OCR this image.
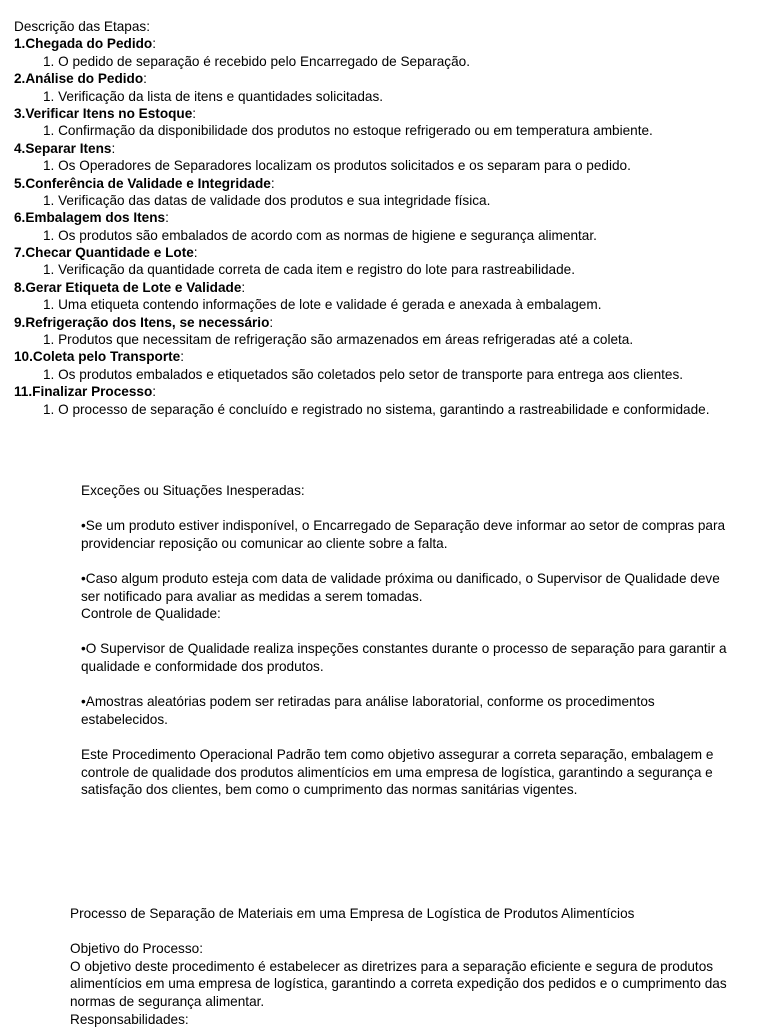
Descrição das Etapas:
1.Chegada do Pedido:
1. O pedido de separação é recebido pelo Encarregado de Separação.
2.Análise do Pedido:
1. Verificação da lista de itens e quantidades solicitadas.
3.Verificar Itens no Estoque:
1. Confirmação da disponibilidade dos produtos no estoque refrigerado ou em temperatura ambiente.
4.Separar Itens:
1. Os Operadores de Separadores localizam os produtos solicitados e os separam para o pedido.
5.Conferência de Validade e Integridade:
1. Verificação das datas de validade dos produtos e sua integridade física.
6.Embalagem dos Itens:
1. Os produtos são embalados de acordo com as normas de higiene e segurança alimentar.
7.Checar Quantidade e Lote:
1. Verificação da quantidade correta de cada item e registro do lote para rastreabilidade.
8.Gerar Etiqueta de Lote e Validade:
1. Uma etiqueta contendo informações de lote e validade é gerada e anexada à embalagem.
9.Refrigeração dos Itens, se necessário:
1. Produtos que necessitam de refrigeração são armazenados em áreas refrigeradas até a coleta.
10.Coleta pelo Transporte:
1. Os produtos embalados e etiquetados são coletados pelo setor de transporte para entrega aos clientes.
11.Finalizar Processo:
1. O processo de separação é concluído e registrado no sistema, garantindo a rastreabilidade e conformidade.

Exceções ou Situações Inesperadas:

•Se um produto estiver indisponível, o Encarregado de Separação deve informar ao setor de compras para providenciar reposição ou comunicar ao cliente sobre a falta.

•Caso algum produto esteja com data de validade próxima ou danificado, o Supervisor de Qualidade deve ser notificado para avaliar as medidas a serem tomadas.

Controle de Qualidade:

•O Supervisor de Qualidade realiza inspeções constantes durante o processo de separação para garantir a qualidade e conformidade dos produtos.

•Amostras aleatórias podem ser retiradas para análise laboratorial, conforme os procedimentos estabelecidos.

Este Procedimento Operacional Padrão tem como objetivo assegurar a correta separação, embalagem e controle de qualidade dos produtos alimentícios em uma empresa de logística, garantindo a segurança e satisfação dos clientes, bem como o cumprimento das normas sanitárias vigentes.

Processo de Separação de Materiais em uma Empresa de Logística de Produtos Alimentícios

Objetivo do Processo:

O objetivo deste procedimento é estabelecer as diretrizes para a separação eficiente e segura de produtos alimentícios em uma empresa de logística, garantindo a correta expedição dos pedidos e o cumprimento das normas de segurança alimentar.

Responsabilidades:
